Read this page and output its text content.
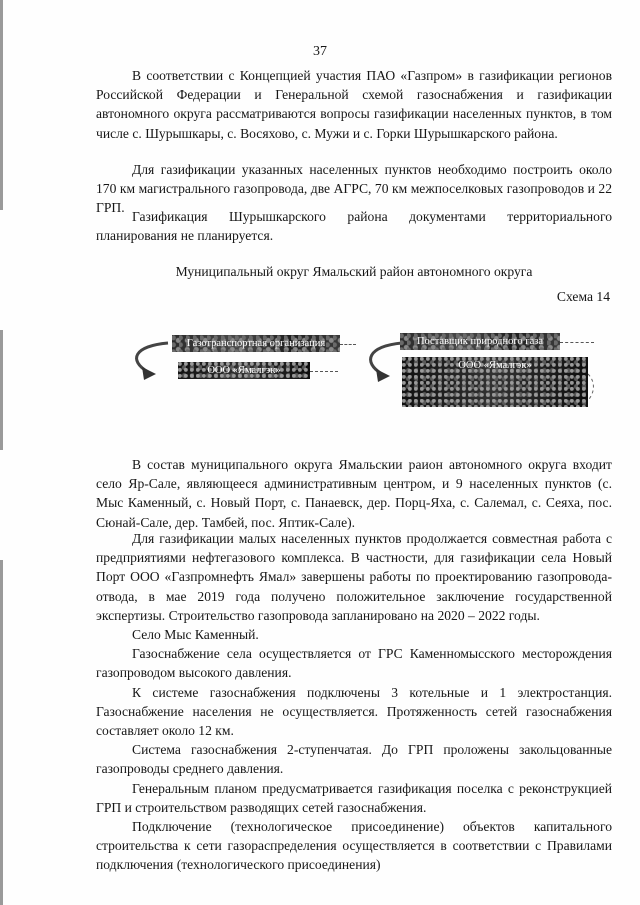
37

В соответствии с Концепцией участия ПАО «Газпром» в газификации регионов Российской Федерации и Генеральной схемой газоснабжения и газификации автономного округа рассматриваются вопросы газификации населенных пунктов, в том числе с. Шурышкары, с. Восяхово, с. Мужи и с. Горки Шурышкарского района.

Для газификации указанных населенных пунктов необходимо построить около 170 км магистрального газопровода, две АГРС, 70 км межпоселковых газопроводов и 22 ГРП.

Газификация Шурышкарского района документами территориального планирования не планируется.

Муниципальный округ Ямальский район автономного округа
Схема 14
Газотранспортная организация
ООО «Ямалгэк»
Поставщик природного газа
ООО «Ямалгэк»

В состав муниципального округа Ямальскии раион автономного округа входит село Яр-Сале, являющееся административным центром, и 9 населенных пунктов (с. Мыс Каменный, с. Новый Порт, с. Панаевск, дер. Порц-Яха, с. Салемал, с. Сеяха, пос. Сюнай-Сале, дер. Тамбей, пос. Яптик-Сале).

Для газификации малых населенных пунктов продолжается совместная работа с предприятиями нефтегазового комплекса. В частности, для газификации села Новый Порт ООО «Газпромнефть Ямал» завершены работы по проектированию газопровода-отвода, в мае 2019 года получено положительное заключение государственной экспертизы. Строительство газопровода запланировано на 2020 – 2022 годы.

Село Мыс Каменный.

Газоснабжение села осуществляется от ГРС Каменномысского месторождения газопроводом высокого давления.

К системе газоснабжения подключены 3 котельные и 1 электростанция. Газоснабжение населения не осуществляется. Протяженность сетей газоснабжения составляет около 12 км.

Система газоснабжения 2-ступенчатая. До ГРП проложены закольцованные газопроводы среднего давления.

Генеральным планом предусматривается газификация поселка с реконструкцией ГРП и строительством разводящих сетей газоснабжения.

Подключение (технологическое присоединение) объектов капитального строительства к сети газораспределения осуществляется в соответствии с Правилами подключения (технологического присоединения)
